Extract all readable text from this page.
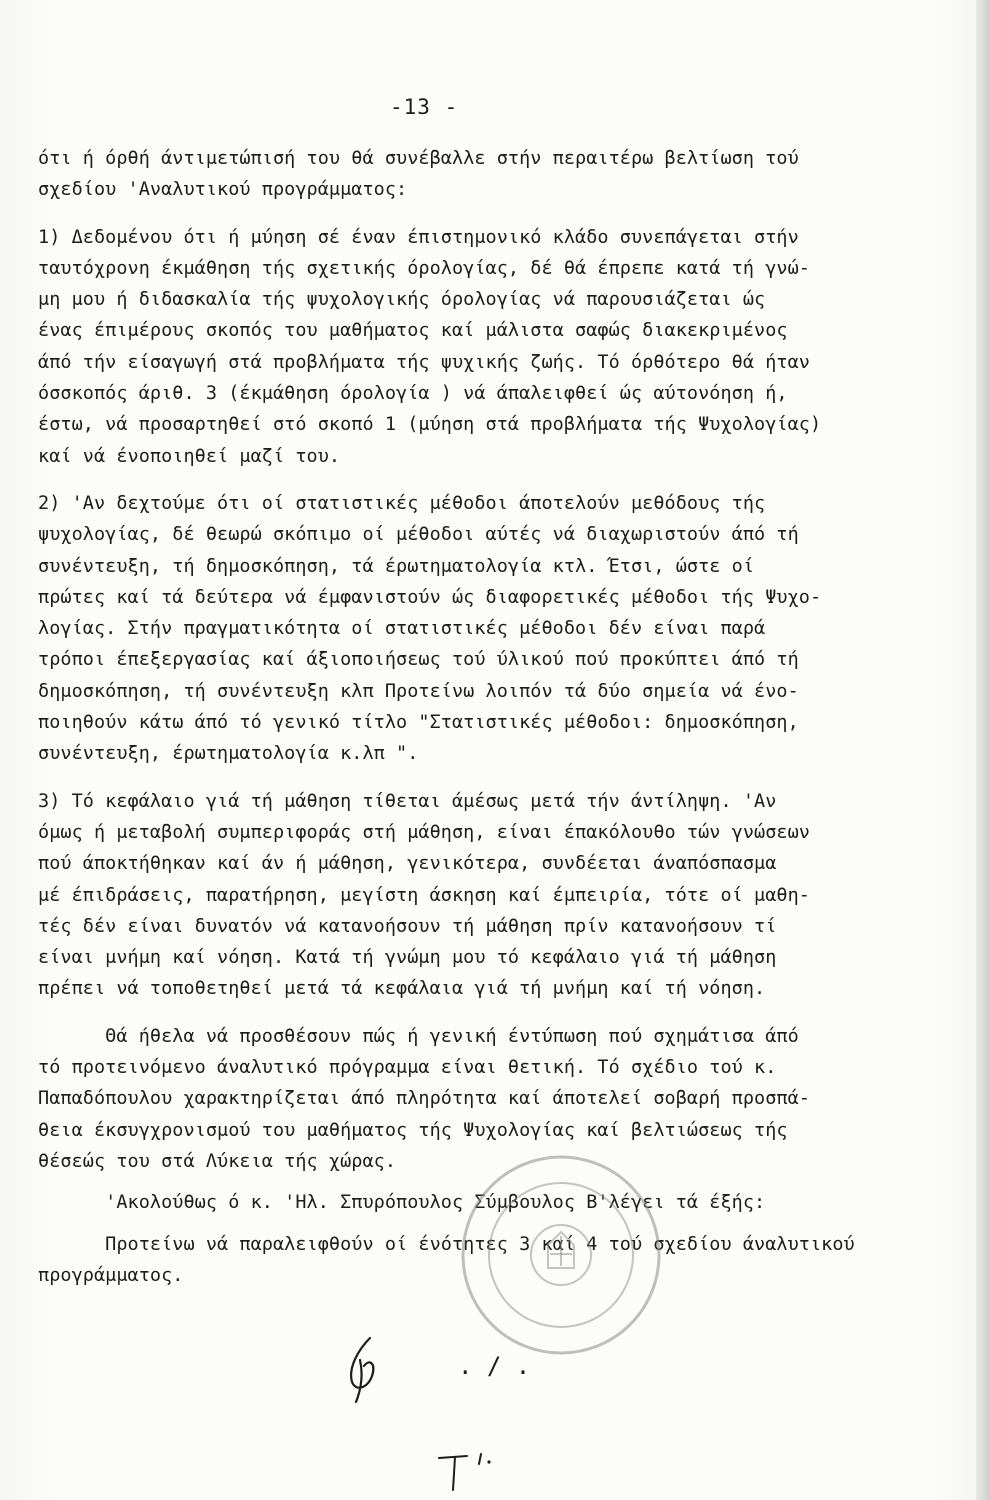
-13 -
ότι ή όρθή άντιμετώπισή του θά συνέβαλλε στήν περαιτέρω βελτίωση τού
σχεδίου 'Αναλυτικού προγράμματος:
1) Δεδομένου ότι ή μύηση σέ έναν έπιστημονικό κλάδο συνεπάγεται στήν
ταυτόχρονη έκμάθηση τής σχετικής όρολογίας, δέ θά έπρεπε κατά τή γνώ-
μη μου ή διδασκαλία τής ψυχολογικής όρολογίας νά παρουσιάζεται ώς
ένας έπιμέρους σκοπός του μαθήματος καί μάλιστα σαφώς διακεκριμένος
άπό τήν είσαγωγή στά προβλήματα τής ψυχικής ζωής. Τό όρθότερο θά ήταν
όσσκοπός άριθ. 3 (έκμάθηση όρολογία ) νά άπαλειφθεί ώς αύτονόηση ή,
έστω, νά προσαρτηθεί στό σκοπό 1 (μύηση στά προβλήματα τής Ψυχολογίας)
καί νά ένοποιηθεί μαζί του.
2) 'Αν δεχτούμε ότι οί στατιστικές μέθοδοι άποτελούν μεθόδους τής
ψυχολογίας, δέ θεωρώ σκόπιμο οί μέθοδοι αύτές νά διαχωριστούν άπό τή
συνέντευξη, τή δημοσκόπηση, τά έρωτηματολογία κτλ. Έτσι, ώστε οί
πρώτες καί τά δεύτερα νά έμφανιστούν ώς διαφορετικές μέθοδοι τής Ψυχο-
λογίας. Στήν πραγματικότητα οί στατιστικές μέθοδοι δέν είναι παρά
τρόποι έπεξεργασίας καί άξιοποιήσεως τού ύλικού πού προκύπτει άπό τή
δημοσκόπηση, τή συνέντευξη κλπ Προτείνω λοιπόν τά δύο σημεία νά ένο-
ποιηθούν κάτω άπό τό γενικό τίτλο "Στατιστικές μέθοδοι: δημοσκόπηση,
συνέντευξη, έρωτηματολογία κ.λπ ".
3) Τό κεφάλαιο γιά τή μάθηση τίθεται άμέσως μετά τήν άντίληψη. 'Αν
όμως ή μεταβολή συμπεριφοράς στή μάθηση, είναι έπακόλουθο τών γνώσεων
πού άποκτήθηκαν καί άν ή μάθηση, γενικότερα, συνδέεται άναπόσπασμα
μέ έπιδράσεις, παρατήρηση, μεγίστη άσκηση καί έμπειρία, τότε οί μαθη-
τές δέν είναι δυνατόν νά κατανοήσουν τή μάθηση πρίν κατανοήσουν τί
είναι μνήμη καί νόηση. Κατά τή γνώμη μου τό κεφάλαιο γιά τή μάθηση
πρέπει νά τοποθετηθεί μετά τά κεφάλαια γιά τή μνήμη καί τή νόηση.
Θά ήθελα νά προσθέσουν πώς ή γενική έντύπωση πού σχημάτισα άπό
τό προτεινόμενο άναλυτικό πρόγραμμα είναι θετική. Τό σχέδιο τού κ.
Παπαδόπουλου χαρακτηρίζεται άπό πληρότητα καί άποτελεί σοβαρή προσπά-
θεια έκσυγχρονισμού του μαθήματος τής Ψυχολογίας καί βελτιώσεως τής
θέσεώς του στά Λύκεια τής χώρας.
'Ακολούθως ό κ. 'Ηλ. Σπυρόπουλος Σύμβουλος Β'λέγει τά έξής:
Προτείνω νά παραλειφθούν οί ένότητες 3 καί 4 τού σχεδίου άναλυτικού
προγράμματος.
. / .
